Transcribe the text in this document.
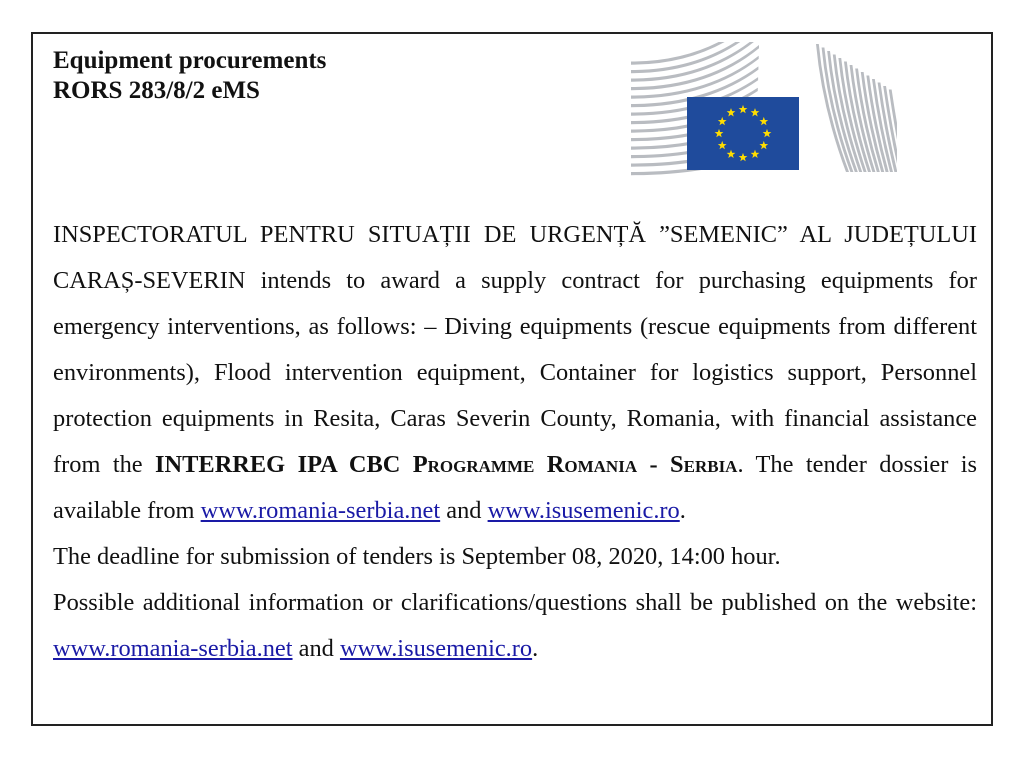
Equipment procurements
RORS 283/8/2 eMS

INSPECTORATUL PENTRU SITUAȚII DE URGENȚĂ ”SEMENIC” AL JUDEȚULUI CARAȘ-SEVERIN intends to award a supply contract for purchasing equipments for emergency interventions, as follows: – Diving equipments (rescue equipments from different environments), Flood intervention equipment, Container for logistics support, Personnel protection equipments in Resita, Caras Severin County, Romania, with financial assistance from the INTERREG IPA CBC Programme Romania - Serbia. The tender dossier is available from www.romania-serbia.net and www.isusemenic.ro.

The deadline for submission of tenders is September 08, 2020, 14:00 hour.

Possible additional information or clarifications/questions shall be published on the website: www.romania-serbia.net and www.isusemenic.ro.
